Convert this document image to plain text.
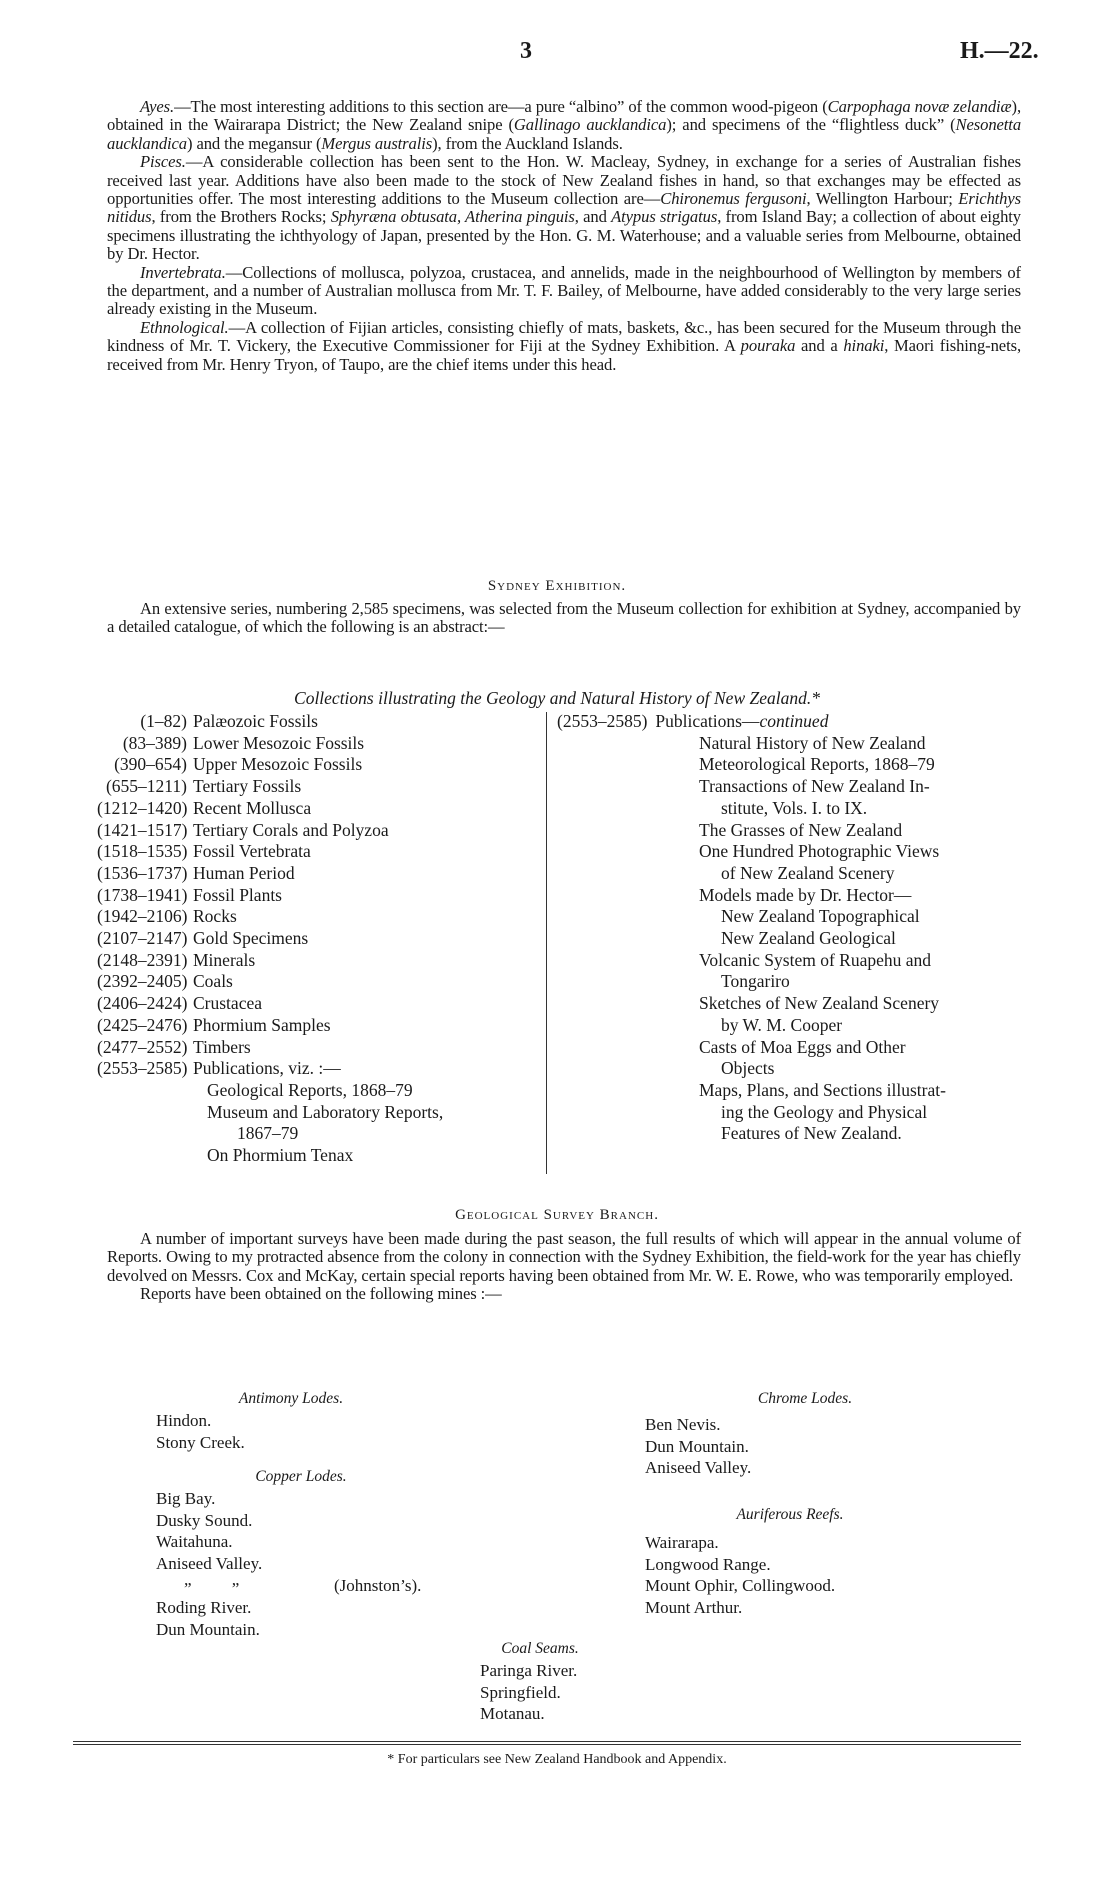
3	H.—22.

Ayes.—The most interesting additions to this section are—a pure “albino” of the common wood-pigeon (Carpophaga novæ zelandiæ), obtained in the Wairarapa District; the New Zealand snipe (Gallinago aucklandica); and specimens of the “flightless duck” (Nesonetta aucklandica) and the megansur (Mergus australis), from the Auckland Islands.

Pisces.—A considerable collection has been sent to the Hon. W. Macleay, Sydney, in exchange for a series of Australian fishes received last year. Additions have also been made to the stock of New Zealand fishes in hand, so that exchanges may be effected as opportunities offer. The most interesting additions to the Museum collection are—Chironemus fergusoni, Wellington Harbour; Erichthys nitidus, from the Brothers Rocks; Sphyræna obtusata, Atherina pinguis, and Atypus strigatus, from Island Bay; a collection of about eighty specimens illustrating the ichthyology of Japan, presented by the Hon. G. M. Waterhouse; and a valuable series from Melbourne, obtained by Dr. Hector.

Invertebrata.—Collections of mollusca, polyzoa, crustacea, and annelids, made in the neighbourhood of Wellington by members of the department, and a number of Australian mollusca from Mr. T. F. Bailey, of Melbourne, have added considerably to the very large series already existing in the Museum.

Ethnological.—A collection of Fijian articles, consisting chiefly of mats, baskets, &c., has been secured for the Museum through the kindness of Mr. T. Vickery, the Executive Commissioner for Fiji at the Sydney Exhibition. A pouraka and a hinaki, Maori fishing-nets, received from Mr. Henry Tryon, of Taupo, are the chief items under this head.

Sydney Exhibition.

An extensive series, numbering 2,585 specimens, was selected from the Museum collection for exhibition at Sydney, accompanied by a detailed catalogue, of which the following is an abstract:—

Collections illustrating the Geology and Natural History of New Zealand.*
(1–82) Palæozoic Fossils
(83–389) Lower Mesozoic Fossils
(390–654) Upper Mesozoic Fossils
(655–1211) Tertiary Fossils
(1212–1420) Recent Mollusca
(1421–1517) Tertiary Corals and Polyzoa
(1518–1535) Fossil Vertebrata
(1536–1737) Human Period
(1738–1941) Fossil Plants
(1942–2106) Rocks
(2107–2147) Gold Specimens
(2148–2391) Minerals
(2392–2405) Coals
(2406–2424) Crustacea
(2425–2476) Phormium Samples
(2477–2552) Timbers
(2553–2585) Publications, viz. :—
Geological Reports, 1868–79
Museum and Laboratory Reports,
1867–79
On Phormium Tenax
(2553–2585) Publications— continued
Natural History of New Zealand
Meteorological Reports, 1868–79
Transactions of New Zealand In-
stitute, Vols. I. to IX.
The Grasses of New Zealand
One Hundred Photographic Views
of New Zealand Scenery
Models made by Dr. Hector—
New Zealand Topographical
New Zealand Geological
Volcanic System of Ruapehu and
Tongariro
Sketches of New Zealand Scenery
by W. M. Cooper
Casts of Moa Eggs and Other
Objects
Maps, Plans, and Sections illustrat-
ing the Geology and Physical
Features of New Zealand.
Geological Survey Branch.

A number of important surveys have been made during the past season, the full results of which will appear in the annual volume of Reports. Owing to my protracted absence from the colony in connection with the Sydney Exhibition, the field-work for the year has chiefly devolved on Messrs. Cox and McKay, certain special reports having been obtained from Mr. W. E. Rowe, who was temporarily employed.

Reports have been obtained on the following mines :—

Antimony Lodes.
Hindon.
Stony Creek.
Copper Lodes.
Big Bay.
Dusky Sound.
Waitahuna.
Aniseed Valley.
„ „	(Johnston’s).
Roding River.
Dun Mountain.
Chrome Lodes.
Ben Nevis.
Dun Mountain.
Aniseed Valley.
Auriferous Reefs.
Wairarapa.
Longwood Range.
Mount Ophir, Collingwood.
Mount Arthur.
Coal Seams.
Paringa River.
Springfield.
Motanau.
* For particulars see New Zealand Handbook and Appendix.
